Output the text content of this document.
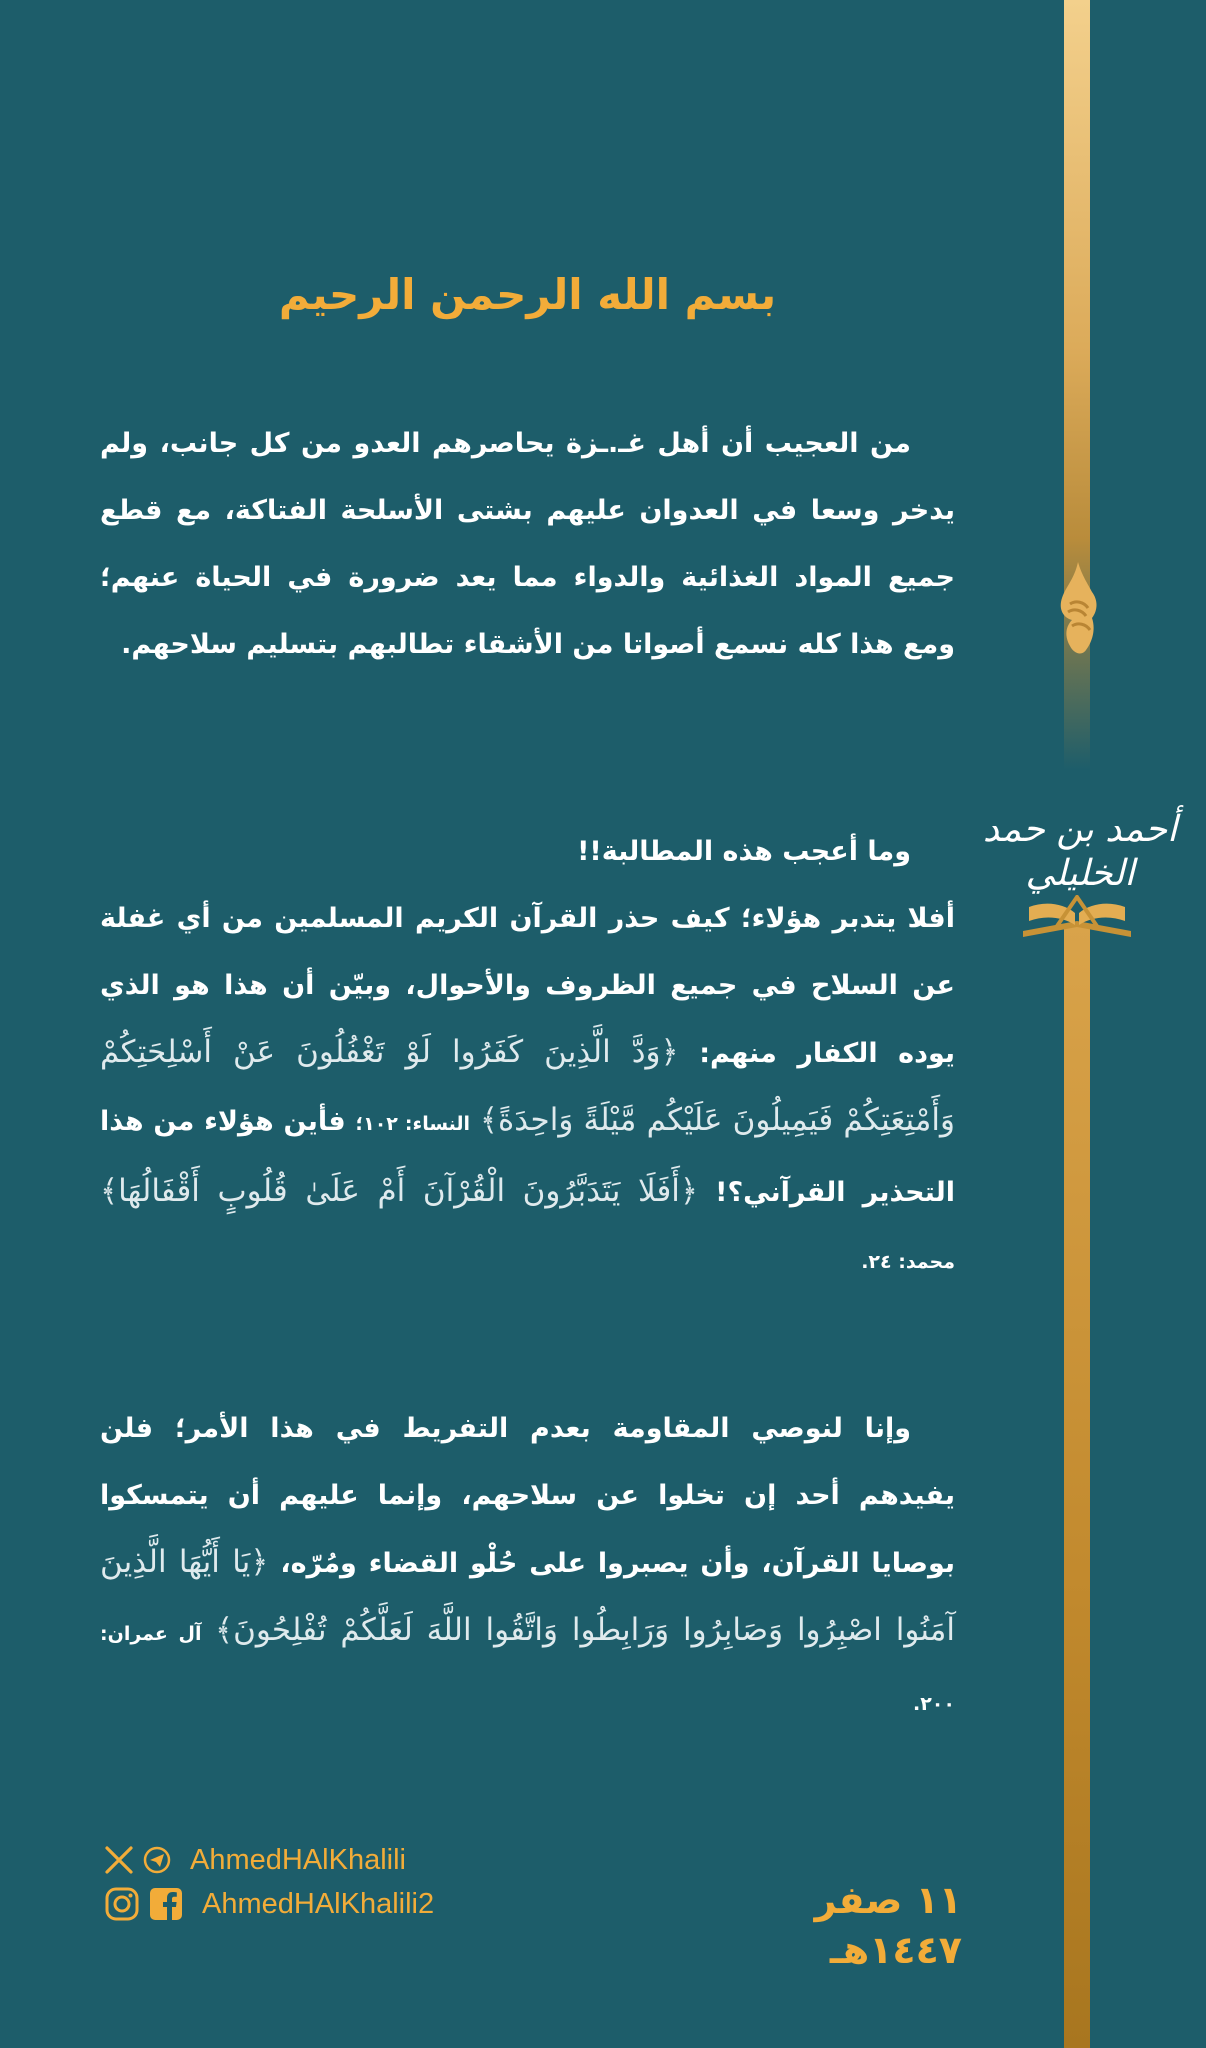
أحمد بن حمد الخليلي
بسم الله الرحمن الرحيم
من العجيب أن أهل غـ.ـزة يحاصرهم العدو من كل جانب، ولم يدخر وسعا في العدوان عليهم بشتى الأسلحة الفتاكة، مع قطع جميع المواد الغذائية والدواء مما يعد ضرورة في الحياة عنهم؛ ومع هذا كله نسمع أصواتا من الأشقاء تطالبهم بتسليم سلاحهم.
وما أعجب هذه المطالبة!!
أفلا يتدبر هؤلاء؛ كيف حذر القرآن الكريم المسلمين من أي غفلة عن السلاح في جميع الظروف والأحوال، وبيّن أن هذا هو الذي يوده الكفار منهم: ﴿وَدَّ الَّذِينَ كَفَرُوا لَوْ تَغْفُلُونَ عَنْ أَسْلِحَتِكُمْ وَأَمْتِعَتِكُمْ فَيَمِيلُونَ عَلَيْكُم مَّيْلَةً وَاحِدَةً﴾ النساء: ١٠٢؛ فأين هؤلاء من هذا التحذير القرآني؟! ﴿أَفَلَا يَتَدَبَّرُونَ الْقُرْآنَ أَمْ عَلَىٰ قُلُوبٍ أَقْفَالُهَا﴾ محمد: ٢٤.
وإنا لنوصي المقاومة بعدم التفريط في هذا الأمر؛ فلن يفيدهم أحد إن تخلوا عن سلاحهم، وإنما عليهم أن يتمسكوا بوصايا القرآن، وأن يصبروا على حُلْو القضاء ومُرّه، ﴿يَا أَيُّهَا الَّذِينَ آمَنُوا اصْبِرُوا وَصَابِرُوا وَرَابِطُوا وَاتَّقُوا اللَّهَ لَعَلَّكُمْ تُفْلِحُونَ﴾ آل عمران: ٢٠٠.
AhmedHAlKhalili
AhmedHAlKhalili2	١١ صفر ١٤٤٧هـ
